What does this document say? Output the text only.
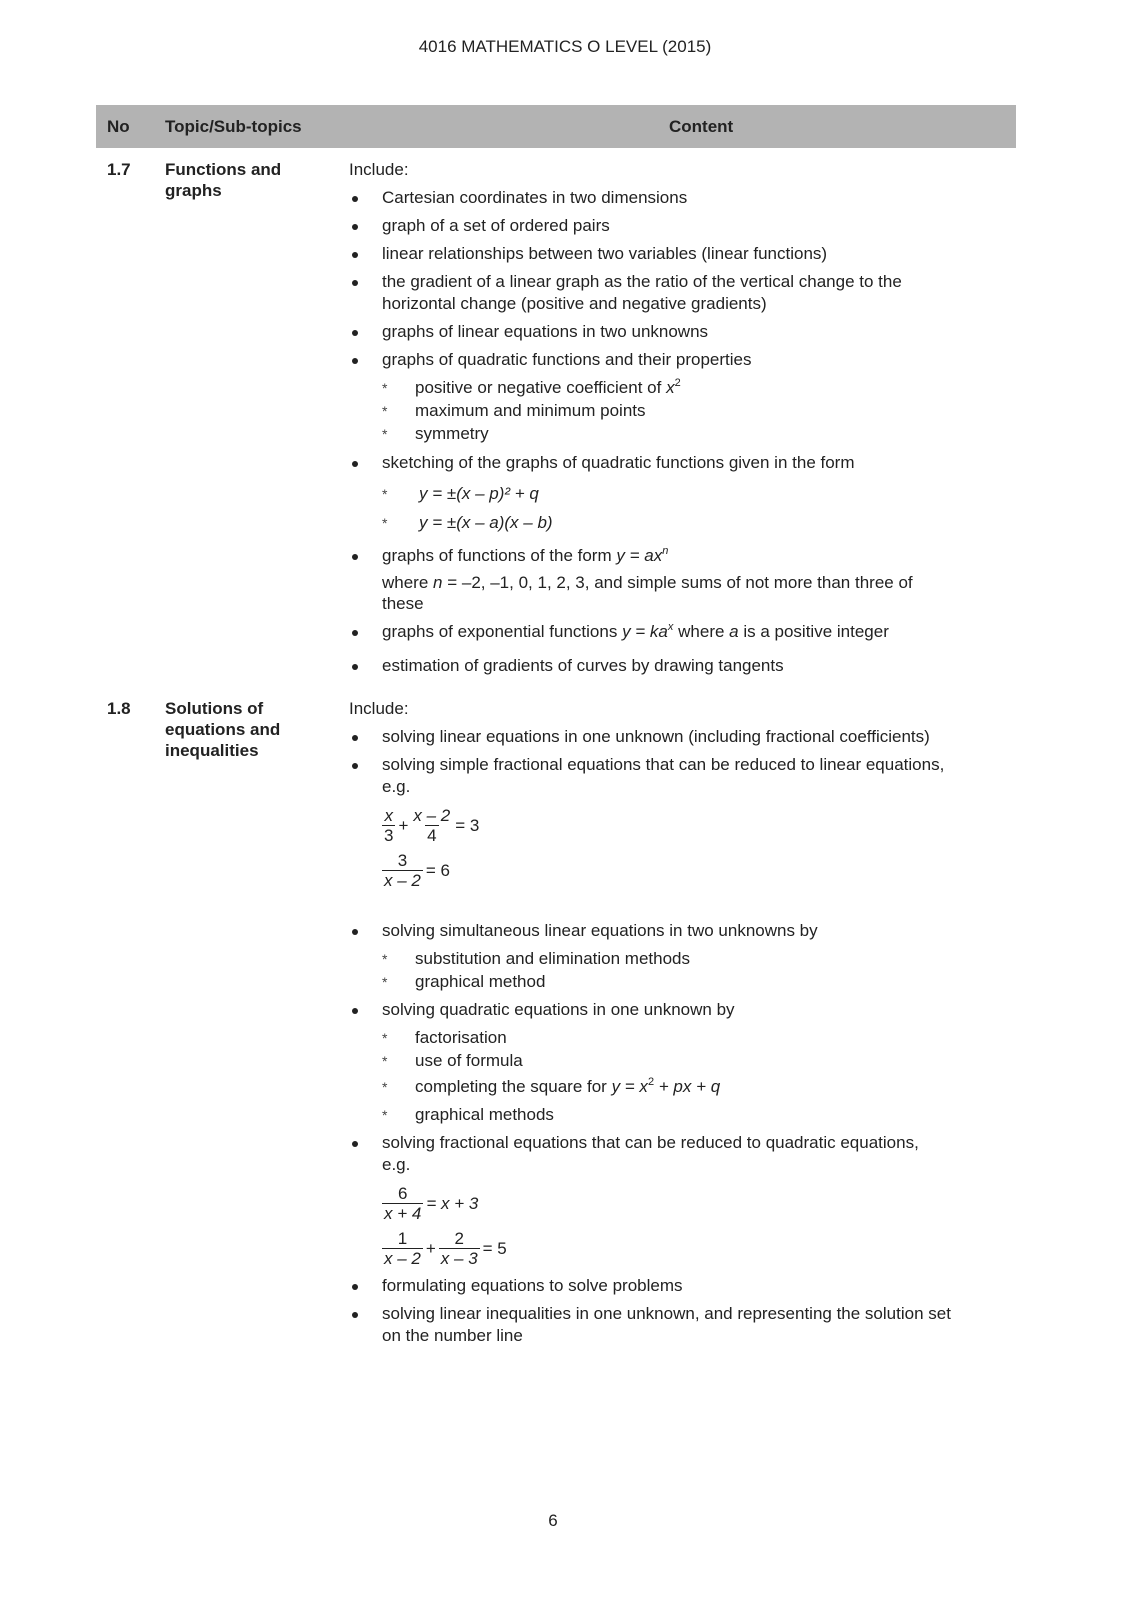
4016 MATHEMATICS O LEVEL (2015)
No Topic/Sub-topics	Content
1.7 Functions and
graphs
Include:
Cartesian coordinates in two dimensions
graph of a set of ordered pairs
linear relationships between two variables (linear functions)
the gradient of a linear graph as the ratio of the vertical change to the
horizontal change (positive and negative gradients)
graphs of linear equations in two unknowns
graphs of quadratic functions and their properties
* positive or negative coefficient of $x^2$
* maximum and minimum points
* symmetry
sketching of the graphs of quadratic functions given in the form
* y = ±(x – p)² + q
* y = ±(x – a)(x – b)
graphs of functions of the form $y = ax^n$
where n = –2, –1, 0, 1, 2, 3, and simple sums of not more than three of
these
graphs of exponential functions $y = ka^x$ where a is a positive integer
estimation of gradients of curves by drawing tangents
1.8 Solutions of
equations and
inequalities
Include:
solving linear equations in one unknown (including fractional coefficients)
solving simple fractional equations that can be reduced to linear equations,
e.g.
$\frac{x}{3} + \frac{x - 2}{4} = 3$
$\frac{3}{x - 2} = 6$
solving simultaneous linear equations in two unknowns by
* substitution and elimination methods
* graphical method
solving quadratic equations in one unknown by
* factorisation
* use of formula
* completing the square for $y = x^2$ + px + q
* graphical methods
solving fractional equations that can be reduced to quadratic equations,
e.g.
$\frac{6}{x + 4} = x + 3$
$\frac{1}{x - 2} + \frac{2}{x - 3} = 5$
formulating equations to solve problems
solving linear inequalities in one unknown, and representing the solution set
on the number line
6
